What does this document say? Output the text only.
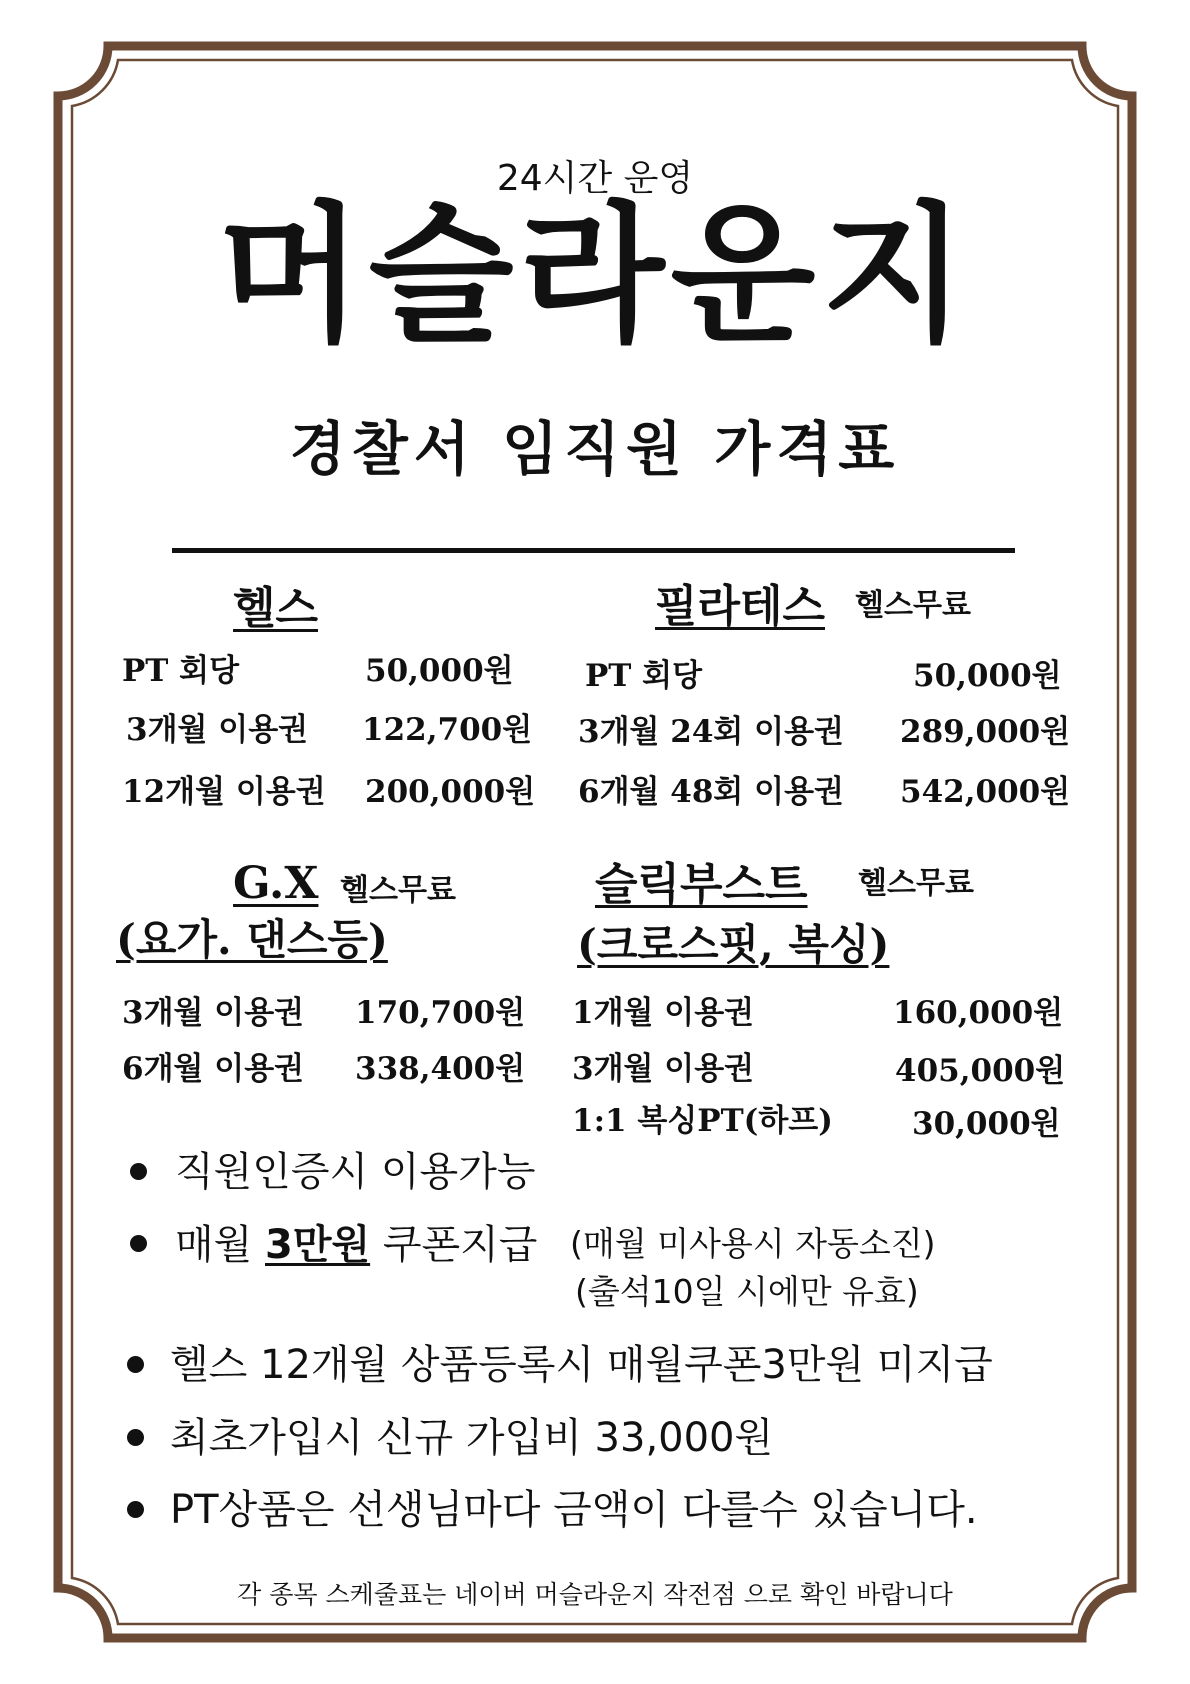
24시간 운영
머슬라운지
경찰서 임직원 가격표
헬스
PT 회당	50,000원
3개월 이용권 122,700원
12개월 이용권 200,000원
필라테스 헬스무료
PT 회당	50,000원
3개월 24회 이용권 289,000원
6개월 48회 이용권 542,000원
G.X 헬스무료
(요가. 댄스등)
3개월 이용권 170,700원
6개월 이용권 338,400원
슬릭부스트 헬스무료
(크로스핏, 복싱)
1개월 이용권	160,000원
3개월 이용권	405,000원
1:1 복싱PT(하프)	30,000원
직원인증시 이용가능
매월 3만원 쿠폰지급 (매월 미사용시 자동소진)
(출석10일 시에만 유효)
헬스 12개월 상품등록시 매월쿠폰3만원 미지급
최초가입시 신규 가입비 33,000원
PT상품은 선생님마다 금액이 다를수 있습니다.
각 종목 스케줄표는 네이버 머슬라운지 작전점 으로 확인 바랍니다
